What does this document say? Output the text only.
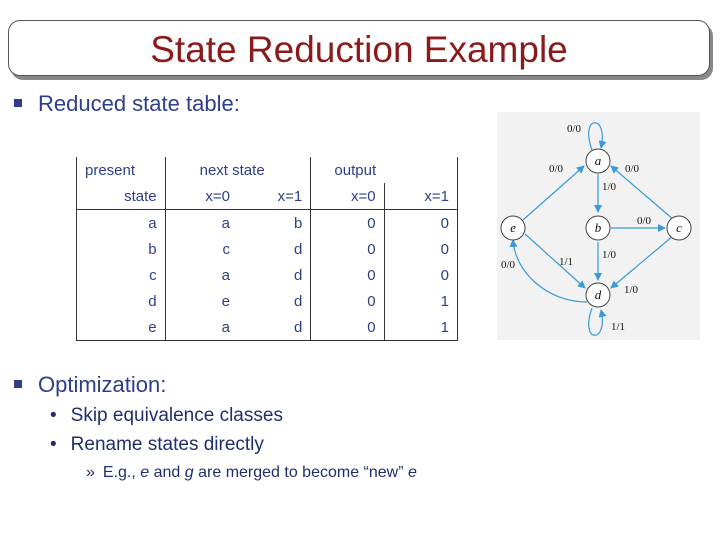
State Reduction Example
Reduced state table:
present	next state		output	
state	x=0	x=1	x=0	x=1
a	a	b	0	0
b	c	d	0	0
c	a	d	0	0
d	e	d	0	1
e	a	d	0	1
a
b	c
d
e
0/0
0/0	0/0
1/0
0/0
1/0
1/1
0/0
1/0
1/1
Optimization:
• Skip equivalence classes
• Rename states directly
» E.g., e and g are merged to become “new” e
